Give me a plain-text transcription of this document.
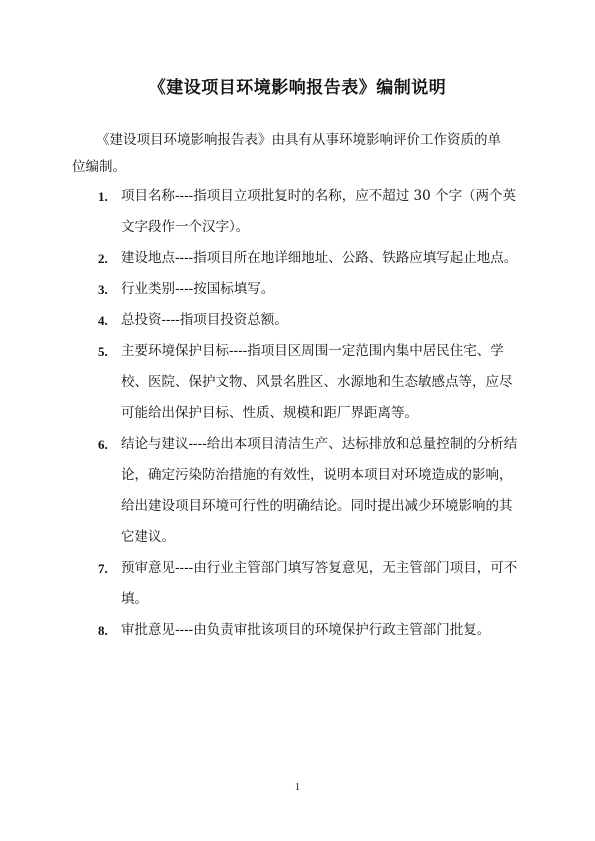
《建设项目环境影响报告表》编制说明
《建设项目环境影响报告表》由具有从事环境影响评价工作资质的单
位编制。
1. 项目名称----指项目立项批复时的名称，应不超过 30 个字（两个英
文字段作一个汉字）。
2. 建设地点----指项目所在地详细地址、公路、铁路应填写起止地点。
3. 行业类别----按国标填写。
4. 总投资----指项目投资总额。
5. 主要环境保护目标----指项目区周围一定范围内集中居民住宅、学
校、医院、保护文物、风景名胜区、水源地和生态敏感点等，应尽
可能给出保护目标、性质、规模和距厂界距离等。
6. 结论与建议----给出本项目清洁生产、达标排放和总量控制的分析结
论，确定污染防治措施的有效性，说明本项目对环境造成的影响，
给出建设项目环境可行性的明确结论。同时提出减少环境影响的其
它建议。
7. 预审意见----由行业主管部门填写答复意见，无主管部门项目，可不
填。
8. 审批意见----由负责审批该项目的环境保护行政主管部门批复。
1
